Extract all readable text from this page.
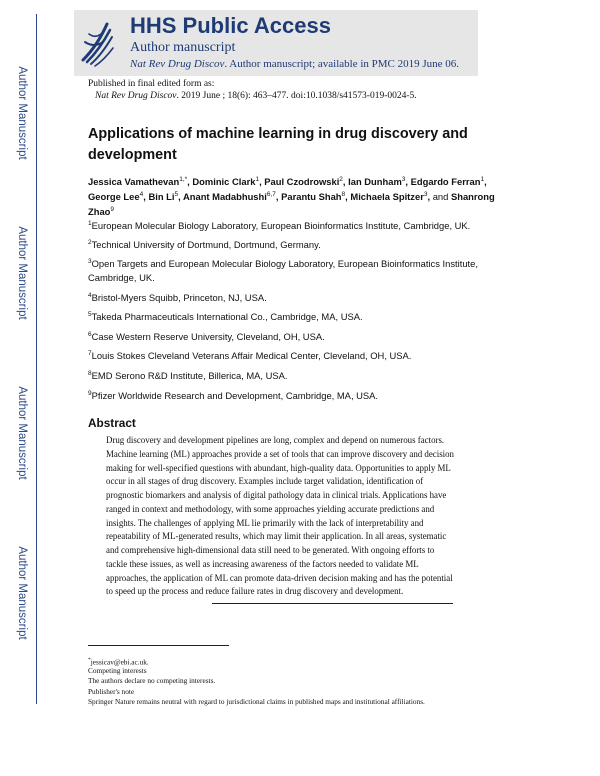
Author Manuscript
Author Manuscript
Author Manuscript
Author Manuscript
HHS Public Access
Author manuscript
Nat Rev Drug Discov. Author manuscript; available in PMC 2019 June 06.
Published in final edited form as:
Nat Rev Drug Discov. 2019 June ; 18(6): 463–477. doi:10.1038/s41573-019-0024-5.
Applications of machine learning in drug discovery and development
Jessica Vamathevan$^{1,*}$, Dominic Clark$^1$, Paul Czodrowski$^2$, Ian Dunham$^3$, Edgardo Ferran$^1$, George Lee$^4$, Bin Li$^5$, Anant Madabhushi$^{6,7}$, Parantu Shah$^8$, Michaela Spitzer$^3$, and Shanrong Zhao$^9$
$^1$European Molecular Biology Laboratory, European Bioinformatics Institute, Cambridge, UK.
$^2$Technical University of Dortmund, Dortmund, Germany.
$^3$Open Targets and European Molecular Biology Laboratory, European Bioinformatics Institute, Cambridge, UK.
$^4$Bristol-Myers Squibb, Princeton, NJ, USA.
$^5$Takeda Pharmaceuticals International Co., Cambridge, MA, USA.
$^6$Case Western Reserve University, Cleveland, OH, USA.
$^7$Louis Stokes Cleveland Veterans Affair Medical Center, Cleveland, OH, USA.
$^8$EMD Serono R&D Institute, Billerica, MA, USA.
$^9$Pfizer Worldwide Research and Development, Cambridge, MA, USA.
Abstract
Drug discovery and development pipelines are long, complex and depend on numerous factors.
Machine learning (ML) approaches provide a set of tools that can improve discovery and decision
making for well-specified questions with abundant, high-quality data. Opportunities to apply ML
occur in all stages of drug discovery. Examples include target validation, identification of
prognostic biomarkers and analysis of digital pathology data in clinical trials. Applications have
ranged in context and methodology, with some approaches yielding accurate predictions and
insights. The challenges of applying ML lie primarily with the lack of interpretability and
repeatability of ML-generated results, which may limit their application. In all areas, systematic
and comprehensive high-dimensional data still need to be generated. With ongoing efforts to
tackle these issues, as well as increasing awareness of the factors needed to validate ML
approaches, the application of ML can promote data-driven decision making and has the potential
to speed up the process and reduce failure rates in drug discovery and development.
*jessicav@ebi.ac.uk.
Competing interests
The authors declare no competing interests.
Publisher's note
Springer Nature remains neutral with regard to jurisdictional claims in published maps and institutional affiliations.
